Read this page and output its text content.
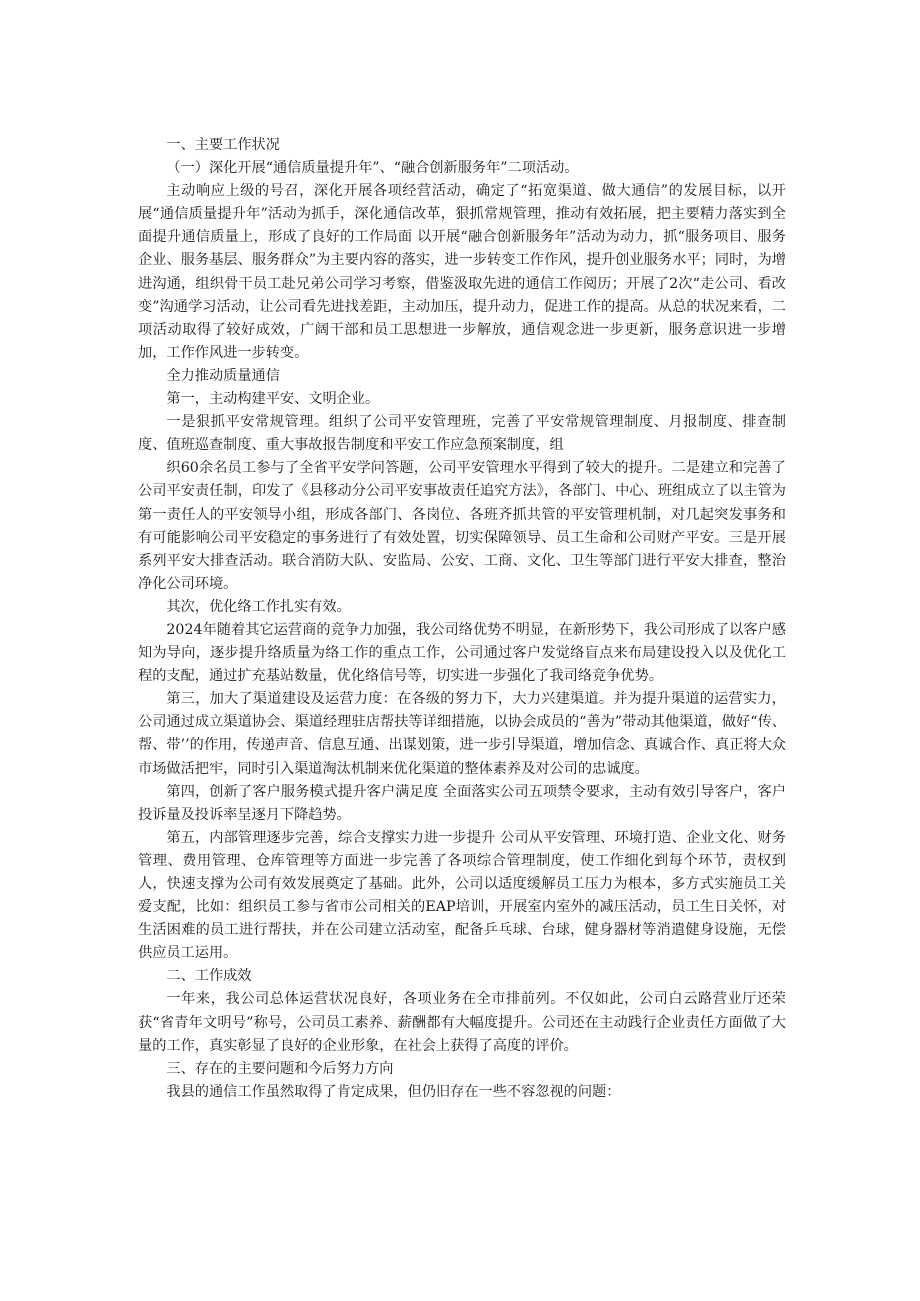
一、主要工作状况

（一）深化开展“通信质量提升年”、“融合创新服务年”二项活动。

主动响应上级的号召，深化开展各项经营活动，确定了“拓宽渠道、做大通信”的发展目标，以开展“通信质量提升年”活动为抓手，深化通信改革，狠抓常规管理，推动有效拓展，把主要精力落实到全面提升通信质量上，形成了良好的工作局面 以开展“融合创新服务年”活动为动力，抓“服务项目、服务企业、服务基层、服务群众”为主要内容的落实，进一步转变工作作风，提升创业服务水平；同时，为增进沟通，组织骨干员工赴兄弟公司学习考察，借鉴汲取先进的通信工作阅历；开展了2次“走公司、看改变”沟通学习活动，让公司看先进找差距，主动加压，提升动力，促进工作的提高。从总的状况来看，二项活动取得了较好成效，广阔干部和员工思想进一步解放，通信观念进一步更新，服务意识进一步增加，工作作风进一步转变。

全力推动质量通信

第一，主动构建平安、文明企业。

一是狠抓平安常规管理。组织了公司平安管理班，完善了平安常规管理制度、月报制度、排查制度、值班巡查制度、重大事故报告制度和平安工作应急预案制度，组

织60余名员工参与了全省平安学问答题，公司平安管理水平得到了较大的提升。二是建立和完善了公司平安责任制，印发了《县移动分公司平安事故责任追究方法》，各部门、中心、班组成立了以主管为第一责任人的平安领导小组，形成各部门、各岗位、各班齐抓共管的平安管理机制，对几起突发事务和有可能影响公司平安稳定的事务进行了有效处置，切实保障领导、员工生命和公司财产平安。三是开展系列平安大排查活动。联合消防大队、安监局、公安、工商、文化、卫生等部门进行平安大排查，整治净化公司环境。

其次，优化络工作扎实有效。

2024年随着其它运营商的竞争力加强，我公司络优势不明显，在新形势下，我公司形成了以客户感知为导向，逐步提升络质量为络工作的重点工作，公司通过客户发觉络盲点来布局建设投入以及优化工程的支配，通过扩充基站数量，优化络信号等，切实进一步强化了我司络竞争优势。

第三，加大了渠道建设及运营力度：在各级的努力下，大力兴建渠道。并为提升渠道的运营实力，公司通过成立渠道协会、渠道经理驻店帮扶等详细措施，以协会成员的“善为”带动其他渠道，做好“传、帮、带’’的作用，传递声音、信息互通、出谋划策，进一步引导渠道，增加信念、真诚合作、真正将大众市场做活把牢，同时引入渠道淘汰机制来优化渠道的整体素养及对公司的忠诚度。

第四，创新了客户服务模式提升客户满足度 全面落实公司五项禁令要求，主动有效引导客户，客户投诉量及投诉率呈逐月下降趋势。

第五，内部管理逐步完善，综合支撑实力进一步提升 公司从平安管理、环境打造、企业文化、财务管理、费用管理、仓库管理等方面进一步完善了各项综合管理制度，使工作细化到每个环节，责权到人，快速支撑为公司有效发展奠定了基础。此外，公司以适度缓解员工压力为根本，多方式实施员工关爱支配，比如：组织员工参与省市公司相关的EAP培训，开展室内室外的减压活动，员工生日关怀，对生活困难的员工进行帮扶，并在公司建立活动室，配备乒乓球、台球，健身器材等消遣健身设施，无偿供应员工运用。

二、工作成效

一年来，我公司总体运营状况良好，各项业务在全市排前列。不仅如此，公司白云路营业厅还荣获“省青年文明号”称号，公司员工素养、薪酬都有大幅度提升。公司还在主动践行企业责任方面做了大量的工作，真实彰显了良好的企业形象，在社会上获得了高度的评价。

三、存在的主要问题和今后努力方向

我县的通信工作虽然取得了肯定成果，但仍旧存在一些不容忽视的问题：
